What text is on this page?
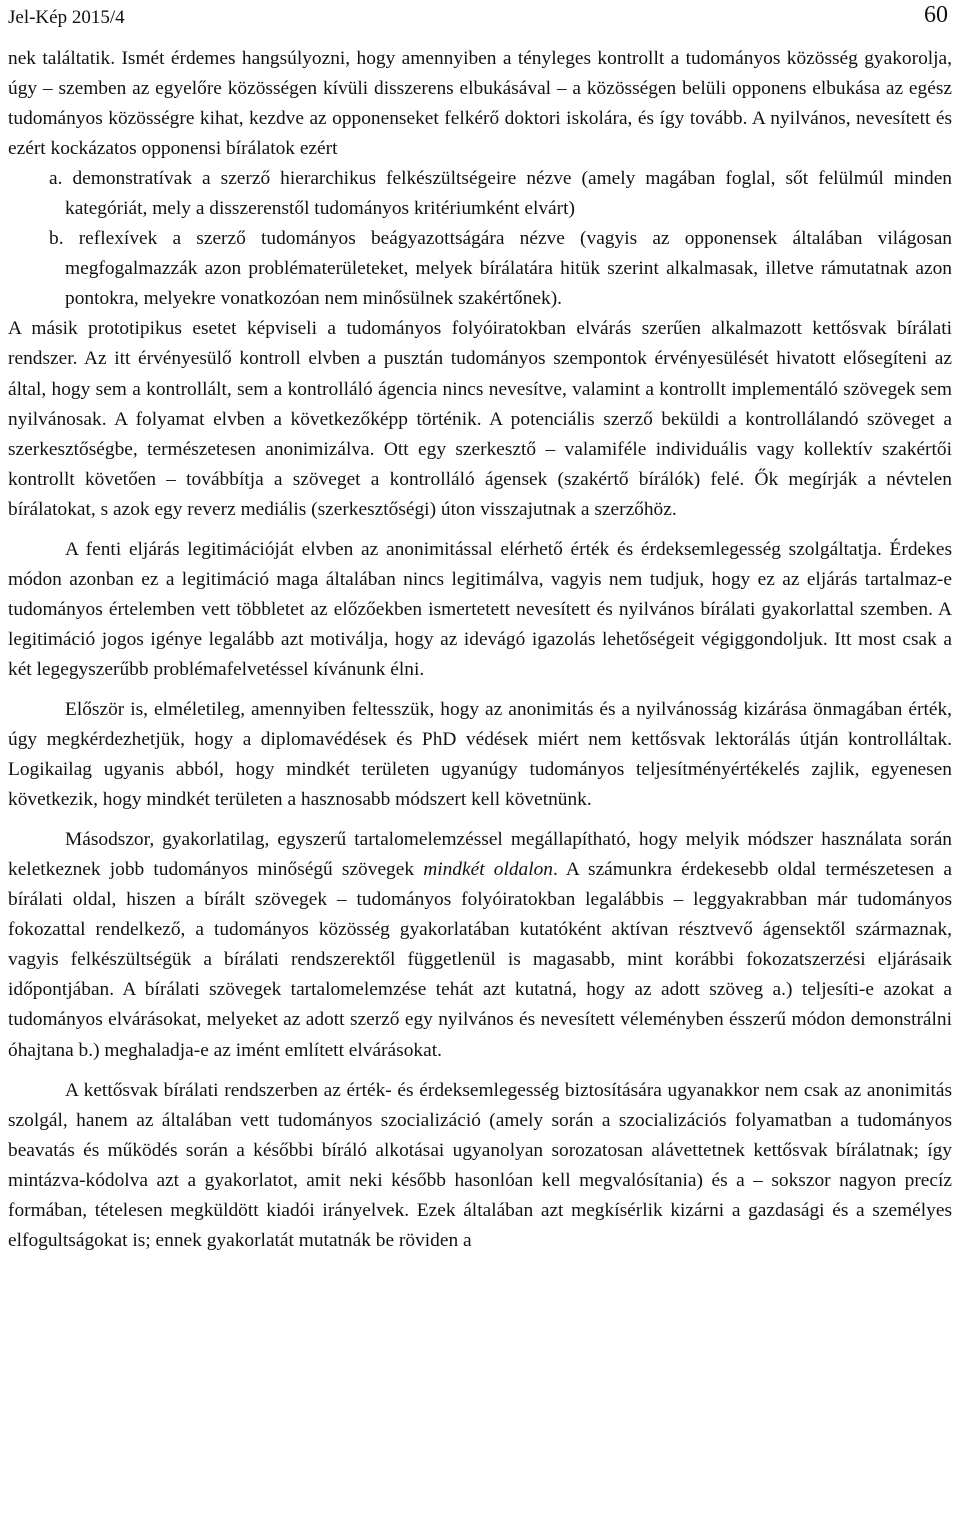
Jel-Kép 2015/4	60

nek találtatik. Ismét érdemes hangsúlyozni, hogy amennyiben a tényleges kontrollt a tudományos közösség gyakorolja, úgy – szemben az egyelőre közösségen kívüli disszerens elbukásával – a közösségen belüli opponens elbukása az egész tudományos közösségre kihat, kezdve az opponenseket felkérő doktori iskolára, és így tovább. A nyilvános, nevesített és ezért kockázatos opponensi bírálatok ezért

a. demonstratívak a szerző hierarchikus felkészültségeire nézve (amely magában foglal, sőt felülmúl minden kategóriát, mely a disszerenstől tudományos kritériumként elvárt)

b. reflexívek a szerző tudományos beágyazottságára nézve (vagyis az opponensek általában világosan megfogalmazzák azon problématerületeket, melyek bírálatára hitük szerint alkalmasak, illetve rámutatnak azon pontokra, melyekre vonatkozóan nem minősülnek szakértőnek).

A másik prototipikus esetet képviseli a tudományos folyóiratokban elvárás szerűen alkalmazott kettősvak bírálati rendszer. Az itt érvényesülő kontroll elvben a pusztán tudományos szempontok érvényesülését hivatott elősegíteni az által, hogy sem a kontrollált, sem a kontrolláló ágencia nincs nevesítve, valamint a kontrollt implementáló szövegek sem nyilvánosak. A folyamat elvben a következőképp történik. A potenciális szerző beküldi a kontrollálandó szöveget a szerkesztőségbe, természetesen anonimizálva. Ott egy szerkesztő – valamiféle individuális vagy kollektív szakértői kontrollt követően – továbbítja a szöveget a kontrolláló ágensek (szakértő bírálók) felé. Ők megírják a névtelen bírálatokat, s azok egy reverz mediális (szerkesztőségi) úton visszajutnak a szerzőhöz.

A fenti eljárás legitimációját elvben az anonimitással elérhető érték és érdeksemlegesség szolgáltatja. Érdekes módon azonban ez a legitimáció maga általában nincs legitimálva, vagyis nem tudjuk, hogy ez az eljárás tartalmaz-e tudományos értelemben vett többletet az előzőekben ismertetett nevesített és nyilvános bírálati gyakorlattal szemben. A legitimáció jogos igénye legalább azt motiválja, hogy az idevágó igazolás lehetőségeit végiggondoljuk. Itt most csak a két legegyszerűbb problémafelvetéssel kívánunk élni.

Először is, elméletileg, amennyiben feltesszük, hogy az anonimitás és a nyilvánosság kizárása önmagában érték, úgy megkérdezhetjük, hogy a diplomavédések és PhD védések miért nem kettősvak lektorálás útján kontrolláltak. Logikailag ugyanis abból, hogy mindkét területen ugyanúgy tudományos teljesítményértékelés zajlik, egyenesen következik, hogy mindkét területen a hasznosabb módszert kell követnünk.

Másodszor, gyakorlatilag, egyszerű tartalomelemzéssel megállapítható, hogy melyik módszer használata során keletkeznek jobb tudományos minőségű szövegek mindkét oldalon. A számunkra érdekesebb oldal természetesen a bírálati oldal, hiszen a bírált szövegek – tudományos folyóiratokban legalábbis – leggyakrabban már tudományos fokozattal rendelkező, a tudományos közösség gyakorlatában kutatóként aktívan résztvevő ágensektől származnak, vagyis felkészültségük a bírálati rendszerektől függetlenül is magasabb, mint korábbi fokozatszerzési eljárásaik időpontjában. A bírálati szövegek tartalomelemzése tehát azt kutatná, hogy az adott szöveg a.) teljesíti-e azokat a tudományos elvárásokat, melyeket az adott szerző egy nyilvános és nevesített véleményben ésszerű módon demonstrálni óhajtana b.) meghaladja-e az imént említett elvárásokat.

A kettősvak bírálati rendszerben az érték- és érdeksemlegesség biztosítására ugyanakkor nem csak az anonimitás szolgál, hanem az általában vett tudományos szocializáció (amely során a szocializációs folyamatban a tudományos beavatás és működés során a későbbi bíráló alkotásai ugyanolyan sorozatosan alávettetnek kettősvak bírálatnak; így mintázva-kódolva azt a gyakorlatot, amit neki később hasonlóan kell megvalósítania) és a – sokszor nagyon precíz formában, tételesen megküldött kiadói irányelvek. Ezek általában azt megkísérlik kizárni a gazdasági és a személyes elfogultságokat is; ennek gyakorlatát mutatnák be röviden a
